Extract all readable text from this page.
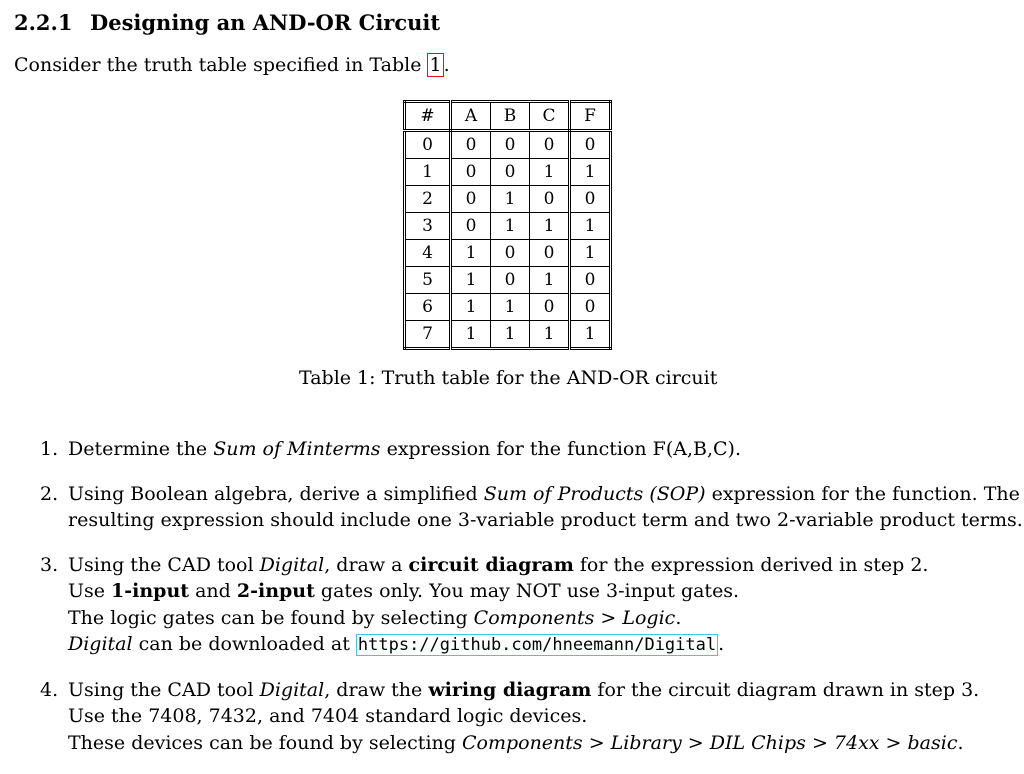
2.2.1 Designing an AND-OR Circuit
Consider the truth table specified in Table 1 .
#	A	B	C	F
0	0	0	0	0
1	0	0	1	1
2	0	1	0	0
3	0	1	1	1
4	1	0	0	1
5	1	0	1	0
6	1	1	0	0
7	1	1	1	1
Table 1: Truth table for the AND-OR circuit
1. Determine the Sum of Minterms expression for the function F(A,B,C).
2. Using Boolean algebra, derive a simplified Sum of Products (SOP) expression for the function. The
resulting expression should include one 3-variable product term and two 2-variable product terms.
3. Using the CAD tool Digital, draw a circuit diagram for the expression derived in step 2.
Use 1-input and 2-input gates only. You may NOT use 3-input gates.
The logic gates can be found by selecting Components > Logic.
Digital can be downloaded at https://github.com/hneemann/Digital .
4. Using the CAD tool Digital, draw the wiring diagram for the circuit diagram drawn in step 3.
Use the 7408, 7432, and 7404 standard logic devices.
These devices can be found by selecting Components > Library > DIL Chips > 74xx > basic.
